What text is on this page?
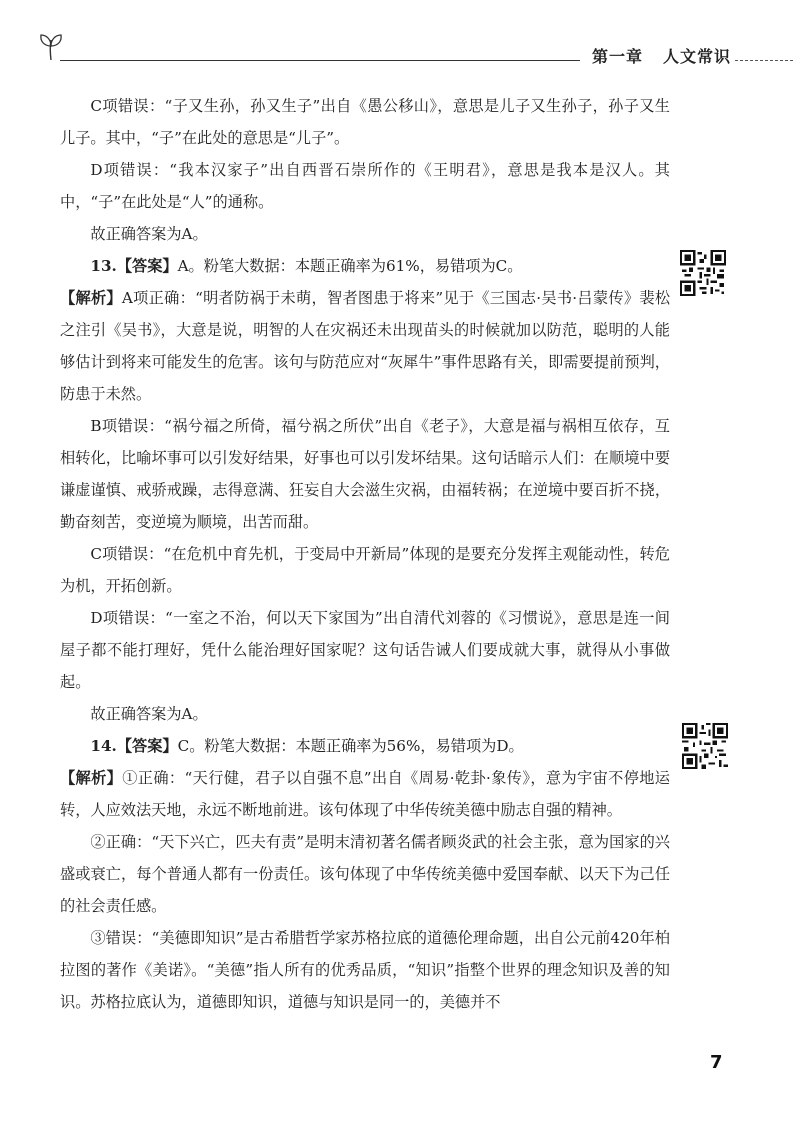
第一章 人文常识

C项错误：“子又生孙，孙又生子”出自《愚公移山》，意思是儿子又生孙子，孙子又生儿子。其中，“子”在此处的意思是“儿子”。

D项错误：“我本汉家子”出自西晋石崇所作的《王明君》，意思是我本是汉人。其中，“子”在此处是“人”的通称。

故正确答案为A。

13.【答案】A。粉笔大数据：本题正确率为61%，易错项为C。

【解析】A项正确：“明者防祸于未萌，智者图患于将来”见于《三国志·吴书·吕蒙传》裴松之注引《吴书》，大意是说，明智的人在灾祸还未出现苗头的时候就加以防范，聪明的人能够估计到将来可能发生的危害。该句与防范应对“灰犀牛”事件思路有关，即需要提前预判，防患于未然。

B项错误：“祸兮福之所倚，福兮祸之所伏”出自《老子》，大意是福与祸相互依存，互相转化，比喻坏事可以引发好结果，好事也可以引发坏结果。这句话暗示人们：在顺境中要谦虚谨慎、戒骄戒躁，志得意满、狂妄自大会滋生灾祸，由福转祸；在逆境中要百折不挠，勤奋刻苦，变逆境为顺境，出苦而甜。

C项错误：“在危机中育先机，于变局中开新局”体现的是要充分发挥主观能动性，转危为机，开拓创新。

D项错误：“一室之不治，何以天下家国为”出自清代刘蓉的《习惯说》，意思是连一间屋子都不能打理好，凭什么能治理好国家呢？这句话告诫人们要成就大事，就得从小事做起。

故正确答案为A。

14.【答案】C。粉笔大数据：本题正确率为56%，易错项为D。

【解析】①正确：“天行健，君子以自强不息”出自《周易·乾卦·象传》，意为宇宙不停地运转，人应效法天地，永远不断地前进。该句体现了中华传统美德中励志自强的精神。

②正确：“天下兴亡，匹夫有责”是明末清初著名儒者顾炎武的社会主张，意为国家的兴盛或衰亡，每个普通人都有一份责任。该句体现了中华传统美德中爱国奉献、以天下为己任的社会责任感。

③错误：“美德即知识”是古希腊哲学家苏格拉底的道德伦理命题，出自公元前420年柏拉图的著作《美诺》。“美德”指人所有的优秀品质，“知识”指整个世界的理念知识及善的知识。苏格拉底认为，道德即知识，道德与知识是同一的，美德并不

7
